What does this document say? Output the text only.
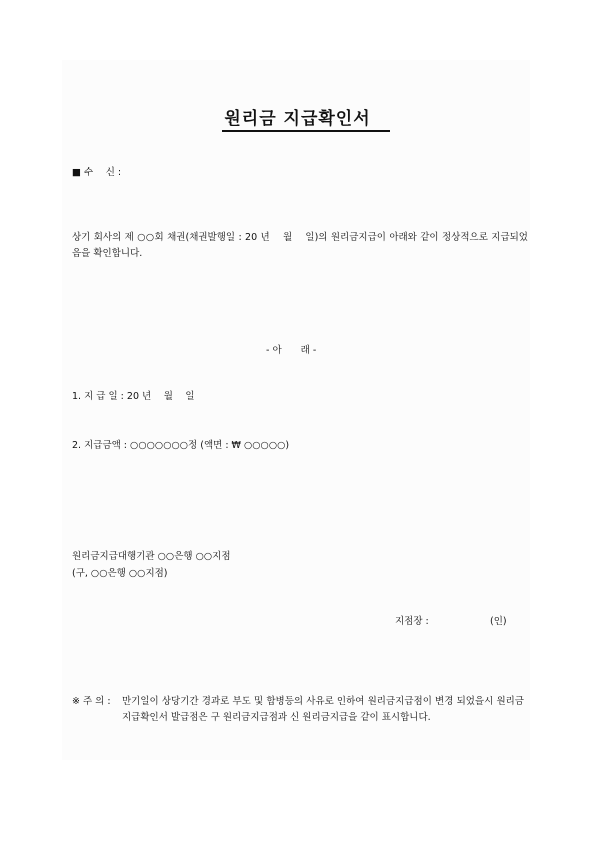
원리금 지급확인서
■ 수　 신 :
상기 회사의 제 ○○회 채권(채권발행일 : 20 년 　월 　일)의 원리금지급이 아래와 같이 정상적으로 지급되었음을 확인합니다.
- 아　　래 -
1. 지 급 일 : 20 년 　월 　일
2. 지급금액 : ○○○○○○○정 (액면 : ₩ ○○○○○)
원리금지급대행기관 ○○은행 ○○지점
(구, ○○은행 ○○지점)
지점장 :	(인)
※ 주 의 : 만기일이 상당기간 경과로 부도 및 합병등의 사유로 인하여 원리금지급점이 변경 되었을시 원리금지급확인서 발급점은 구 원리금지급점과 신 원리금지급을 같이 표시합니다.
